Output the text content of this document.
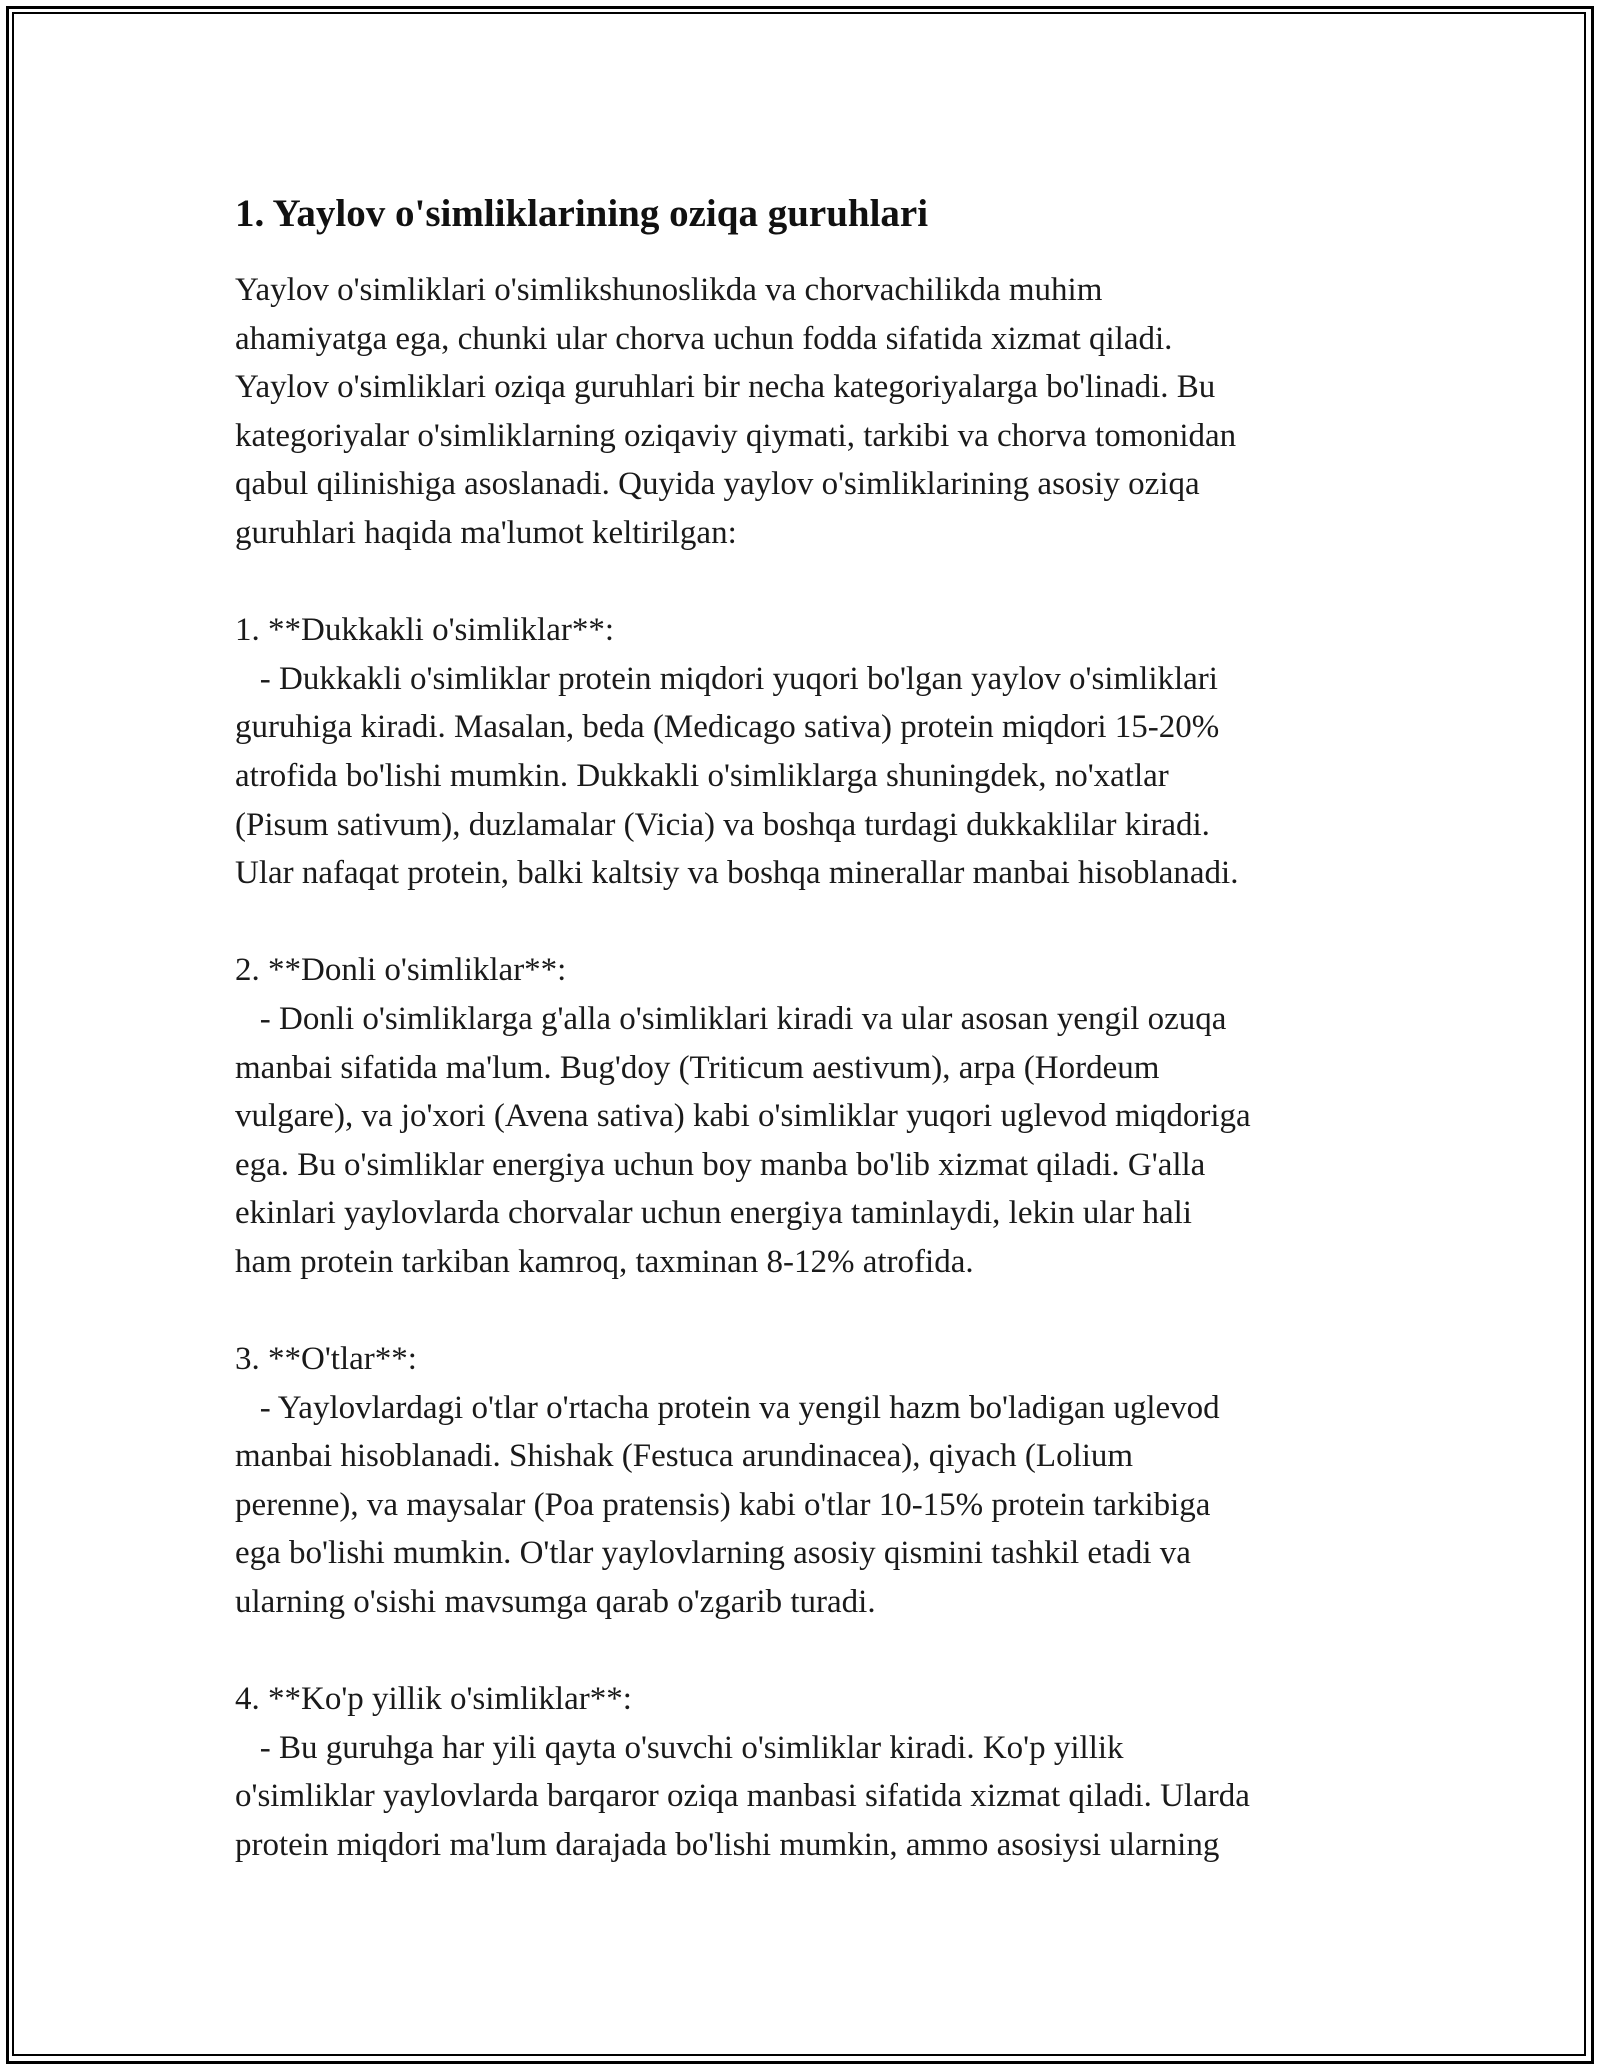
1. Yaylov o'simliklarining oziqa guruhlari
Yaylov o'simliklari o'simlikshunoslikda va chorvachilikda muhim
ahamiyatga ega, chunki ular chorva uchun fodda sifatida xizmat qiladi.
Yaylov o'simliklari oziqa guruhlari bir necha kategoriyalarga bo'linadi. Bu
kategoriyalar o'simliklarning oziqaviy qiymati, tarkibi va chorva tomonidan
qabul qilinishiga asoslanadi. Quyida yaylov o'simliklarining asosiy oziqa
guruhlari haqida ma'lumot keltirilgan:
1. **Dukkakli o'simliklar**:
- Dukkakli o'simliklar protein miqdori yuqori bo'lgan yaylov o'simliklari
guruhiga kiradi. Masalan, beda (Medicago sativa) protein miqdori 15-20%
atrofida bo'lishi mumkin. Dukkakli o'simliklarga shuningdek, no'xatlar
(Pisum sativum), duzlamalar (Vicia) va boshqa turdagi dukkaklilar kiradi.
Ular nafaqat protein, balki kaltsiy va boshqa minerallar manbai hisoblanadi.
2. **Donli o'simliklar**:
- Donli o'simliklarga g'alla o'simliklari kiradi va ular asosan yengil ozuqa
manbai sifatida ma'lum. Bug'doy (Triticum aestivum), arpa (Hordeum
vulgare), va jo'xori (Avena sativa) kabi o'simliklar yuqori uglevod miqdoriga
ega. Bu o'simliklar energiya uchun boy manba bo'lib xizmat qiladi. G'alla
ekinlari yaylovlarda chorvalar uchun energiya taminlaydi, lekin ular hali
ham protein tarkiban kamroq, taxminan 8-12% atrofida.
3. **O'tlar**:
- Yaylovlardagi o'tlar o'rtacha protein va yengil hazm bo'ladigan uglevod
manbai hisoblanadi. Shishak (Festuca arundinacea), qiyach (Lolium
perenne), va maysalar (Poa pratensis) kabi o'tlar 10-15% protein tarkibiga
ega bo'lishi mumkin. O'tlar yaylovlarning asosiy qismini tashkil etadi va
ularning o'sishi mavsumga qarab o'zgarib turadi.
4. **Ko'p yillik o'simliklar**:
- Bu guruhga har yili qayta o'suvchi o'simliklar kiradi. Ko'p yillik
o'simliklar yaylovlarda barqaror oziqa manbasi sifatida xizmat qiladi. Ularda
protein miqdori ma'lum darajada bo'lishi mumkin, ammo asosiysi ularning
